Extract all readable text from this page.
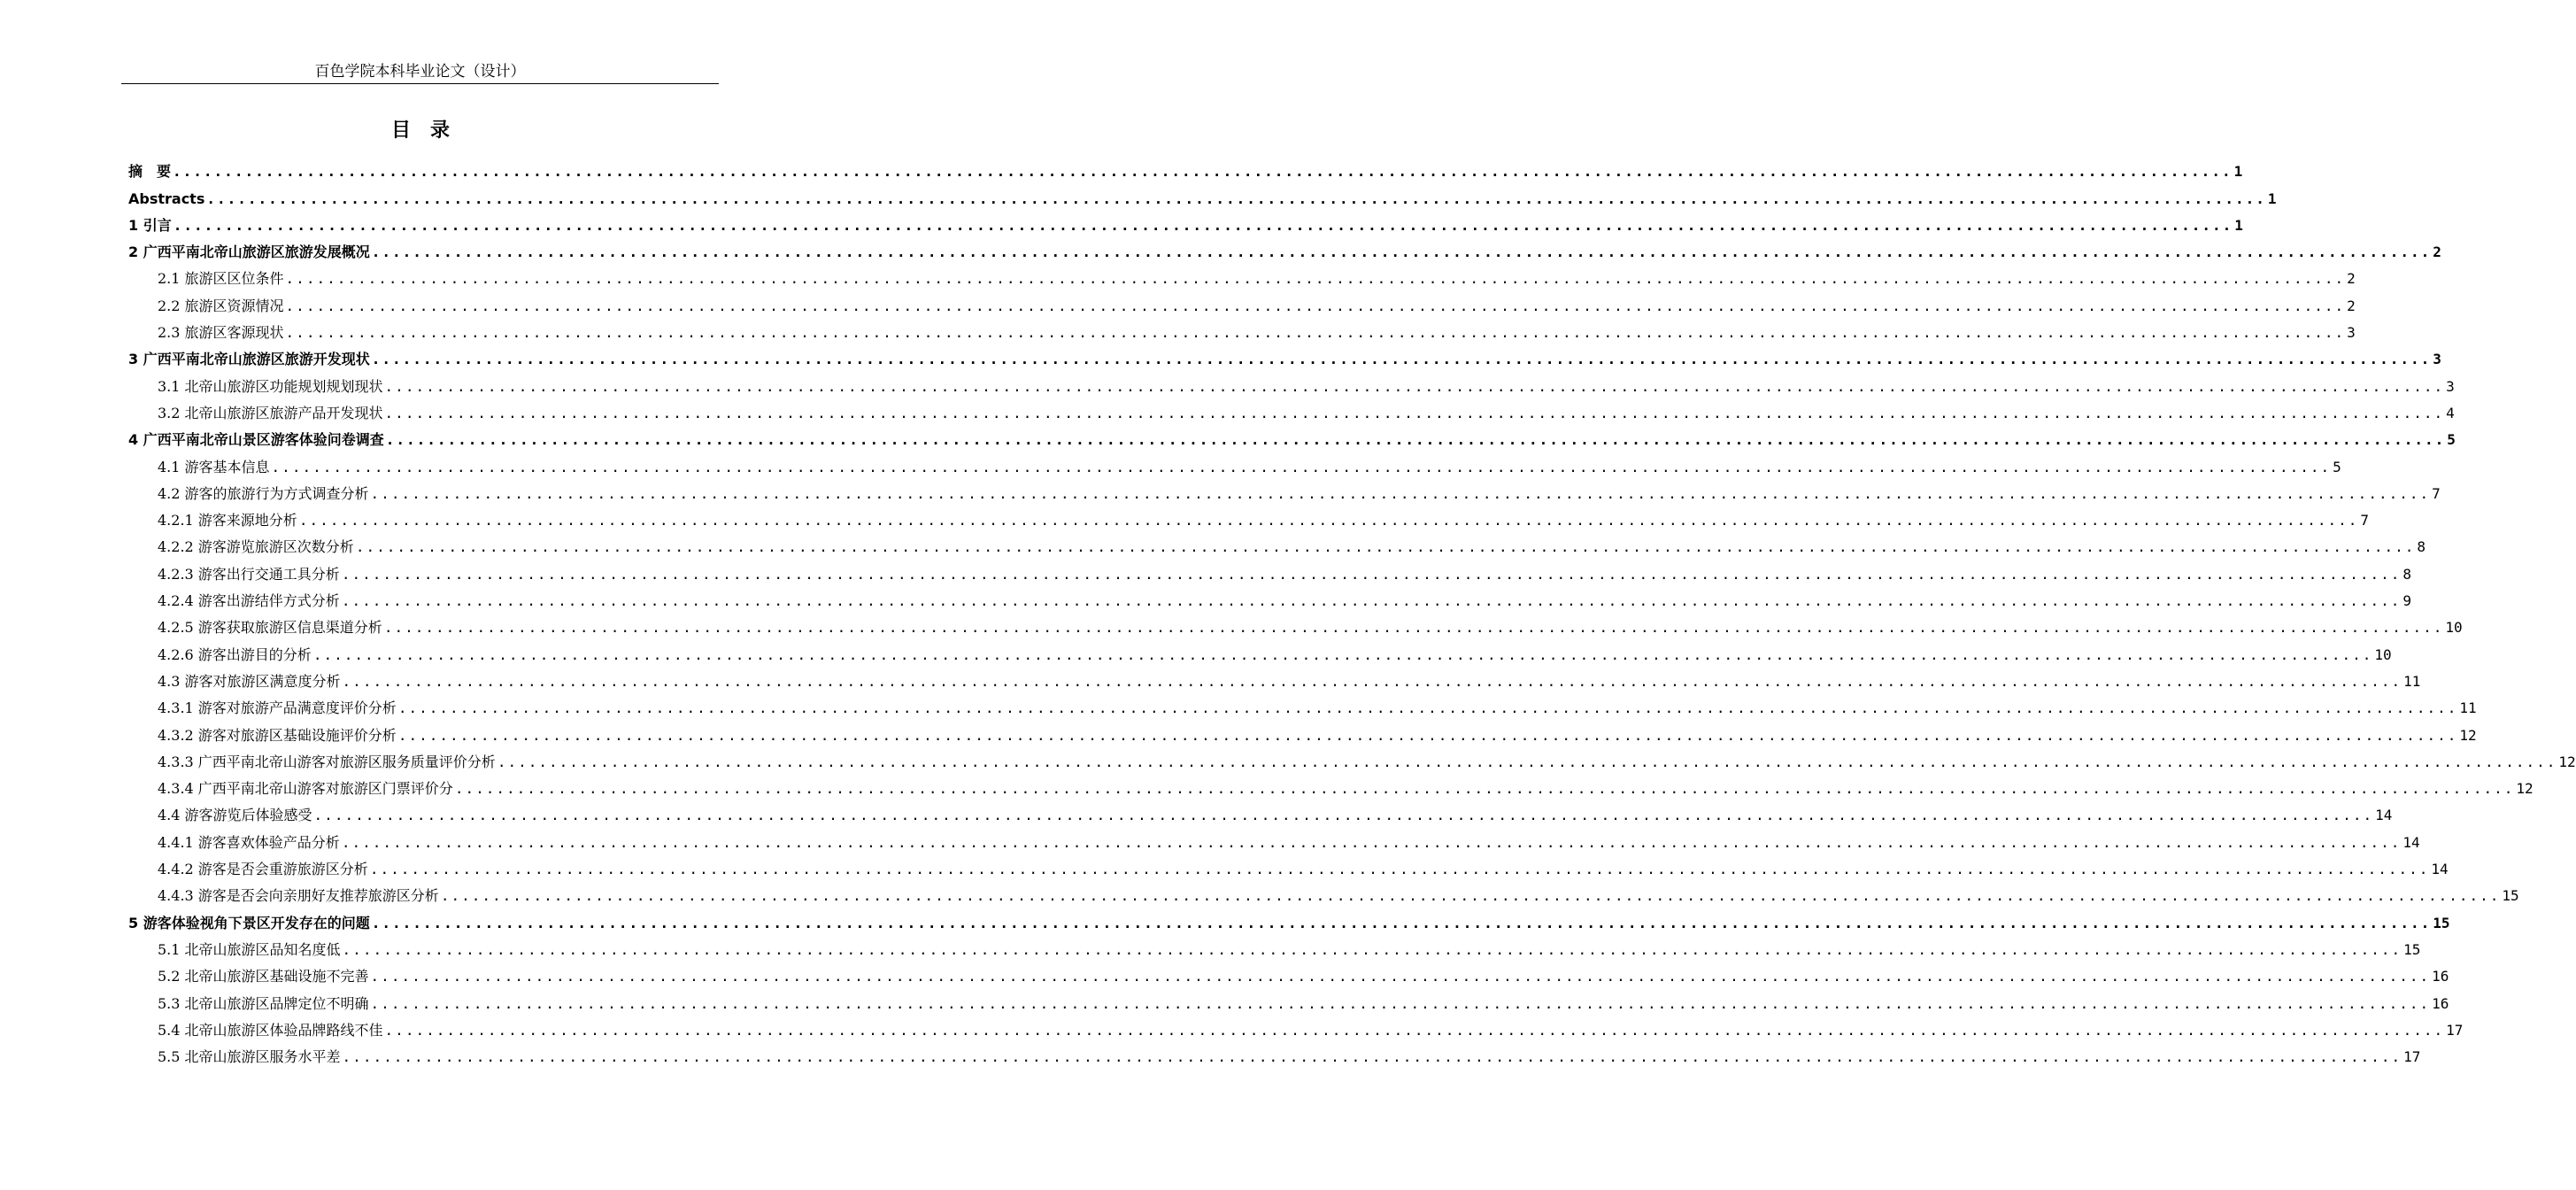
百色学院本科毕业论文（设计）
目录
摘　要 ........................................................................................................................................................................................................ 1
Abstracts ........................................................................................................................................................................................................ 1
1 引言 ........................................................................................................................................................................................................ 1
2 广西平南北帝山旅游区旅游发展概况 ........................................................................................................................................................................................................ 2
2.1 旅游区区位条件 ........................................................................................................................................................................................................ 2
2.2 旅游区资源情况 ........................................................................................................................................................................................................ 2
2.3 旅游区客源现状 ........................................................................................................................................................................................................ 3
3 广西平南北帝山旅游区旅游开发现状 ........................................................................................................................................................................................................ 3
3.1 北帝山旅游区功能规划规划现状 ........................................................................................................................................................................................................ 3
3.2 北帝山旅游区旅游产品开发现状 ........................................................................................................................................................................................................ 4
4 广西平南北帝山景区游客体验问卷调查 ........................................................................................................................................................................................................ 5
4.1 游客基本信息 ........................................................................................................................................................................................................ 5
4.2 游客的旅游行为方式调查分析 ........................................................................................................................................................................................................ 7
4.2.1 游客来源地分析 ........................................................................................................................................................................................................ 7
4.2.2 游客游览旅游区次数分析 ........................................................................................................................................................................................................ 8
4.2.3 游客出行交通工具分析 ........................................................................................................................................................................................................ 8
4.2.4 游客出游结伴方式分析 ........................................................................................................................................................................................................ 9
4.2.5 游客获取旅游区信息渠道分析 ........................................................................................................................................................................................................ 10
4.2.6 游客出游目的分析 ........................................................................................................................................................................................................ 10
4.3 游客对旅游区满意度分析 ........................................................................................................................................................................................................ 11
4.3.1 游客对旅游产品满意度评价分析 ........................................................................................................................................................................................................ 11
4.3.2 游客对旅游区基础设施评价分析 ........................................................................................................................................................................................................ 12
4.3.3 广西平南北帝山游客对旅游区服务质量评价分析 ........................................................................................................................................................................................................ 12
4.3.4 广西平南北帝山游客对旅游区门票评价分 ........................................................................................................................................................................................................ 12
4.4 游客游览后体验感受 ........................................................................................................................................................................................................ 14
4.4.1 游客喜欢体验产品分析 ........................................................................................................................................................................................................ 14
4.4.2 游客是否会重游旅游区分析 ........................................................................................................................................................................................................ 14
4.4.3 游客是否会向亲朋好友推荐旅游区分析 ........................................................................................................................................................................................................ 15
5 游客体验视角下景区开发存在的问题 ........................................................................................................................................................................................................ 15
5.1 北帝山旅游区品知名度低 ........................................................................................................................................................................................................ 15
5.2 北帝山旅游区基础设施不完善 ........................................................................................................................................................................................................ 16
5.3 北帝山旅游区品牌定位不明确 ........................................................................................................................................................................................................ 16
5.4 北帝山旅游区体验品牌路线不佳 ........................................................................................................................................................................................................ 17
5.5 北帝山旅游区服务水平差 ........................................................................................................................................................................................................ 17
